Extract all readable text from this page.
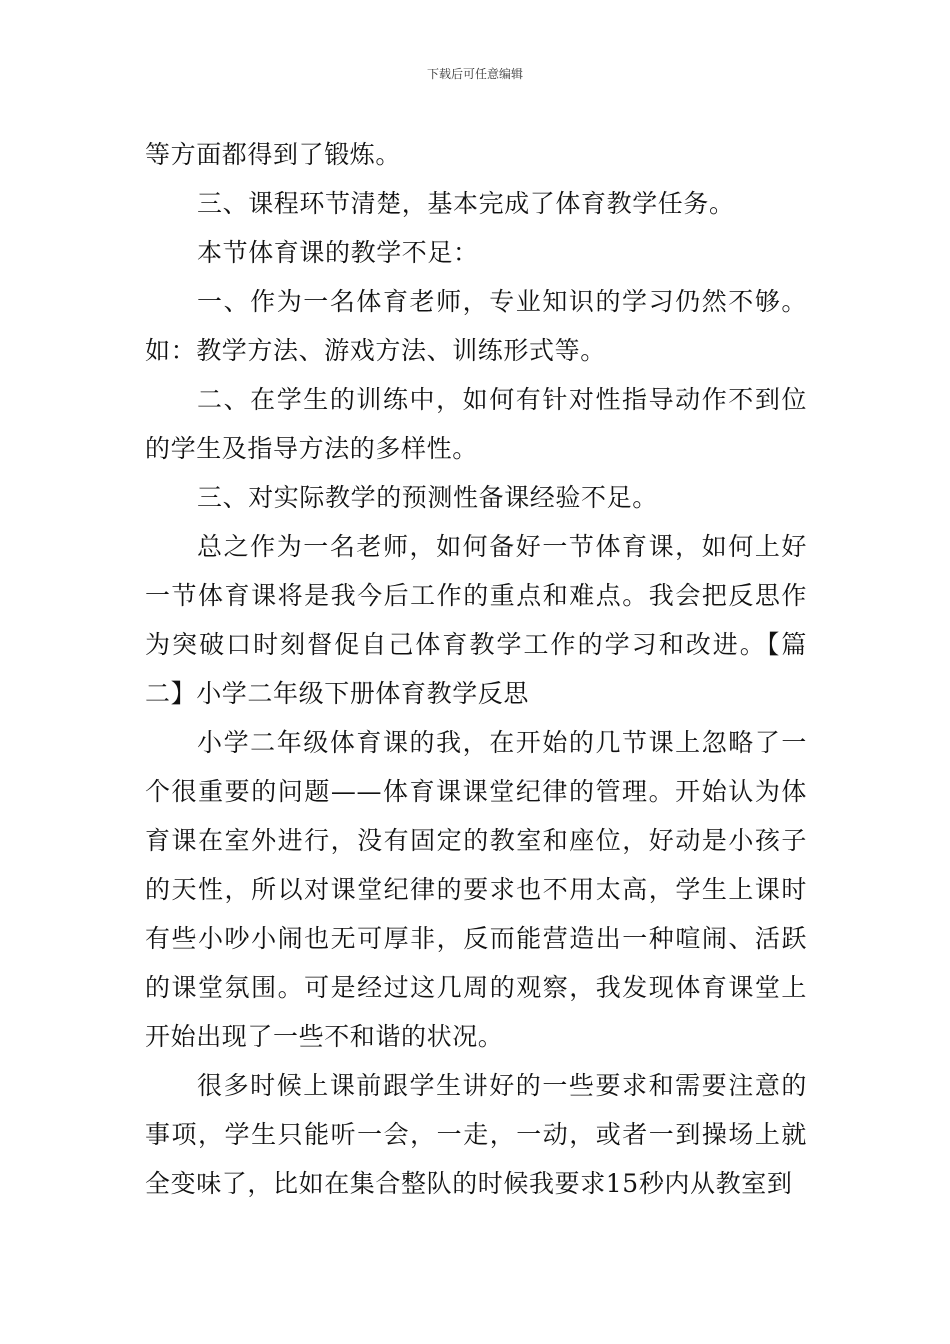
下载后可任意编辑

等方面都得到了锻炼。

三、课程环节清楚，基本完成了体育教学任务。

本节体育课的教学不足：

一、作为一名体育老师，专业知识的学习仍然不够。如：教学方法、游戏方法、训练形式等。

二、在学生的训练中，如何有针对性指导动作不到位的学生及指导方法的多样性。

三、对实际教学的预测性备课经验不足。

总之作为一名老师，如何备好一节体育课，如何上好一节体育课将是我今后工作的重点和难点。我会把反思作为突破口时刻督促自己体育教学工作的学习和改进。【篇二】小学二年级下册体育教学反思

小学二年级体育课的我，在开始的几节课上忽略了一个很重要的问题——体育课课堂纪律的管理。开始认为体育课在室外进行，没有固定的教室和座位，好动是小孩子的天性，所以对课堂纪律的要求也不用太高，学生上课时有些小吵小闹也无可厚非，反而能营造出一种喧闹、活跃的课堂氛围。可是经过这几周的观察，我发现体育课堂上开始出现了一些不和谐的状况。

很多时候上课前跟学生讲好的一些要求和需要注意的事项，学生只能听一会，一走，一动，或者一到操场上就全变味了，比如在集合整队的时候我要求15秒内从教室到
